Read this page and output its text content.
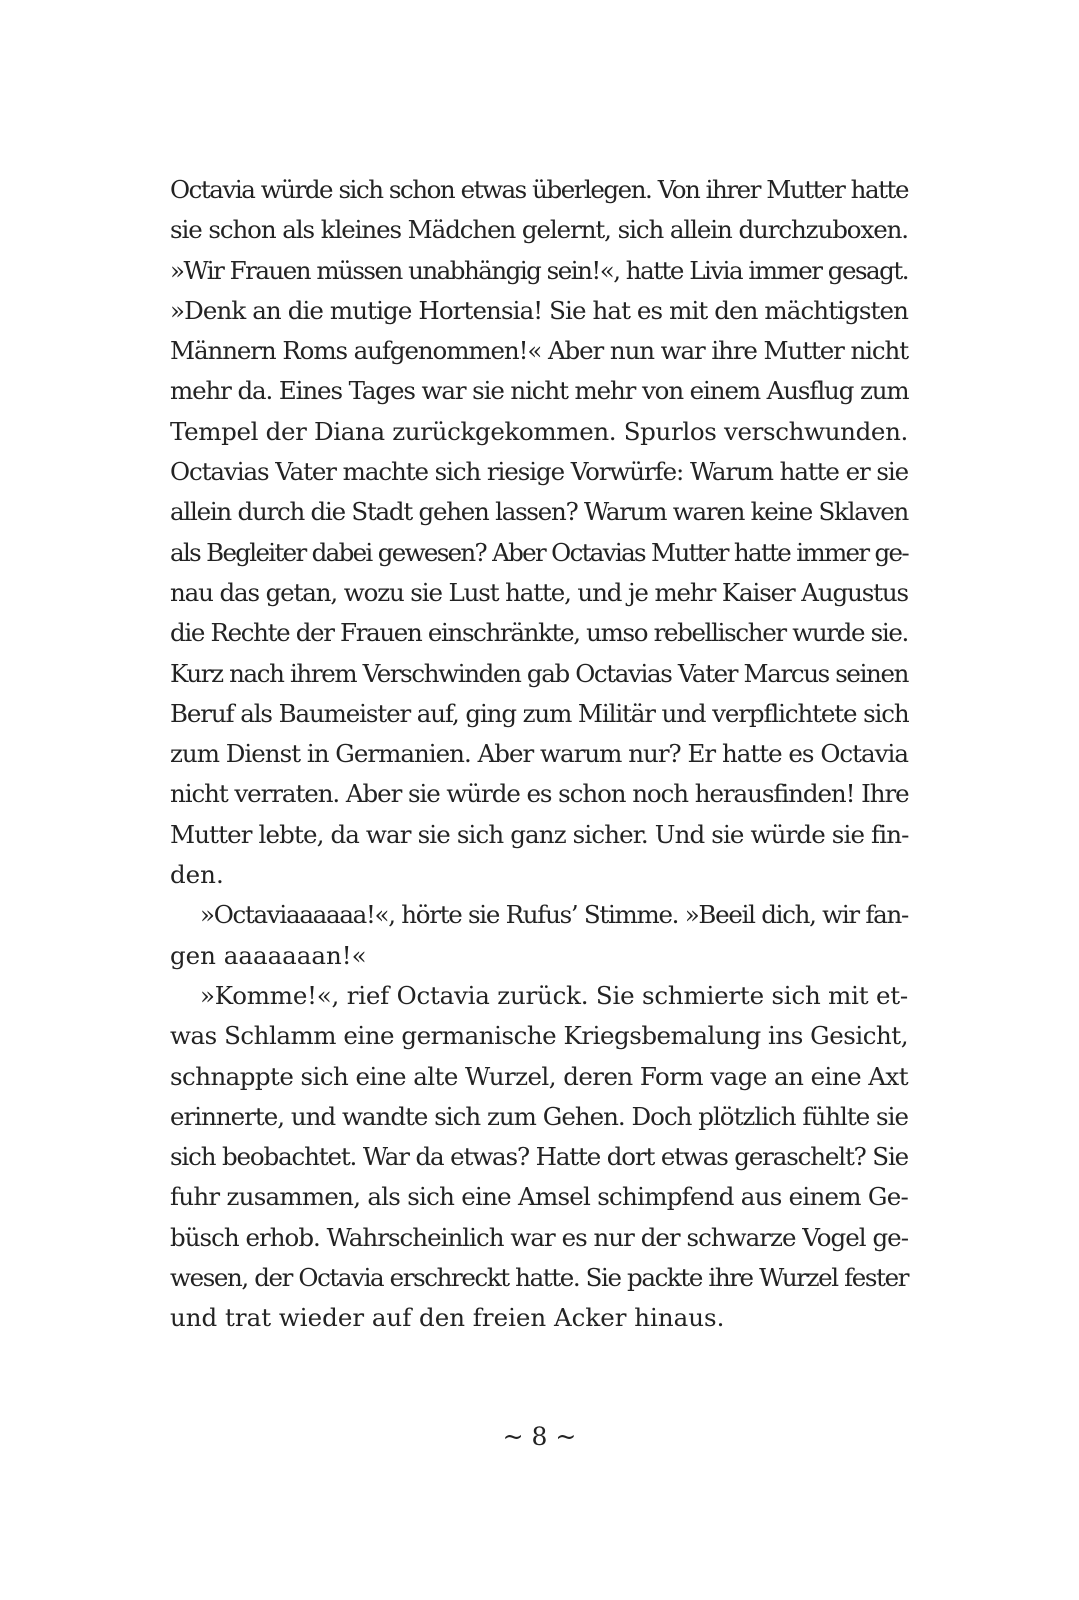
Octavia würde sich schon etwas überlegen. Von ihrer Mutter hatte
sie schon als kleines Mädchen gelernt, sich allein durchzuboxen.
»Wir Frauen müssen unabhängig sein!«, hatte Livia immer gesagt.
»Denk an die mutige Hortensia! Sie hat es mit den mächtigsten
Männern Roms aufgenommen!« Aber nun war ihre Mutter nicht
mehr da. Eines Tages war sie nicht mehr von einem Ausflug zum
Tempel der Diana zurückgekommen. Spurlos verschwunden.
Octavias Vater machte sich riesige Vorwürfe: Warum hatte er sie
allein durch die Stadt gehen lassen? Warum waren keine Sklaven
als Begleiter dabei gewesen? Aber Octavias Mutter hatte immer ge-
nau das getan, wozu sie Lust hatte, und je mehr Kaiser Augustus
die Rechte der Frauen einschränkte, umso rebellischer wurde sie.
Kurz nach ihrem Verschwinden gab Octavias Vater Marcus seinen
Beruf als Baumeister auf, ging zum Militär und verpflichtete sich
zum Dienst in Germanien. Aber warum nur? Er hatte es Octavia
nicht verraten. Aber sie würde es schon noch herausfinden! Ihre
Mutter lebte, da war sie sich ganz sicher. Und sie würde sie fin-
den.
»Octaviaaaaaa!«, hörte sie Rufus’ Stimme. »Beeil dich, wir fan-
gen aaaaaaan!«
»Komme!«, rief Octavia zurück. Sie schmierte sich mit et-
was Schlamm eine germanische Kriegsbemalung ins Gesicht,
schnappte sich eine alte Wurzel, deren Form vage an eine Axt
erinnerte, und wandte sich zum Gehen. Doch plötzlich fühlte sie
sich beobachtet. War da etwas? Hatte dort etwas geraschelt? Sie
fuhr zusammen, als sich eine Amsel schimpfend aus einem Ge-
büsch erhob. Wahrscheinlich war es nur der schwarze Vogel ge-
wesen, der Octavia erschreckt hatte. Sie packte ihre Wurzel fester
und trat wieder auf den freien Acker hinaus.
~ 8 ~
